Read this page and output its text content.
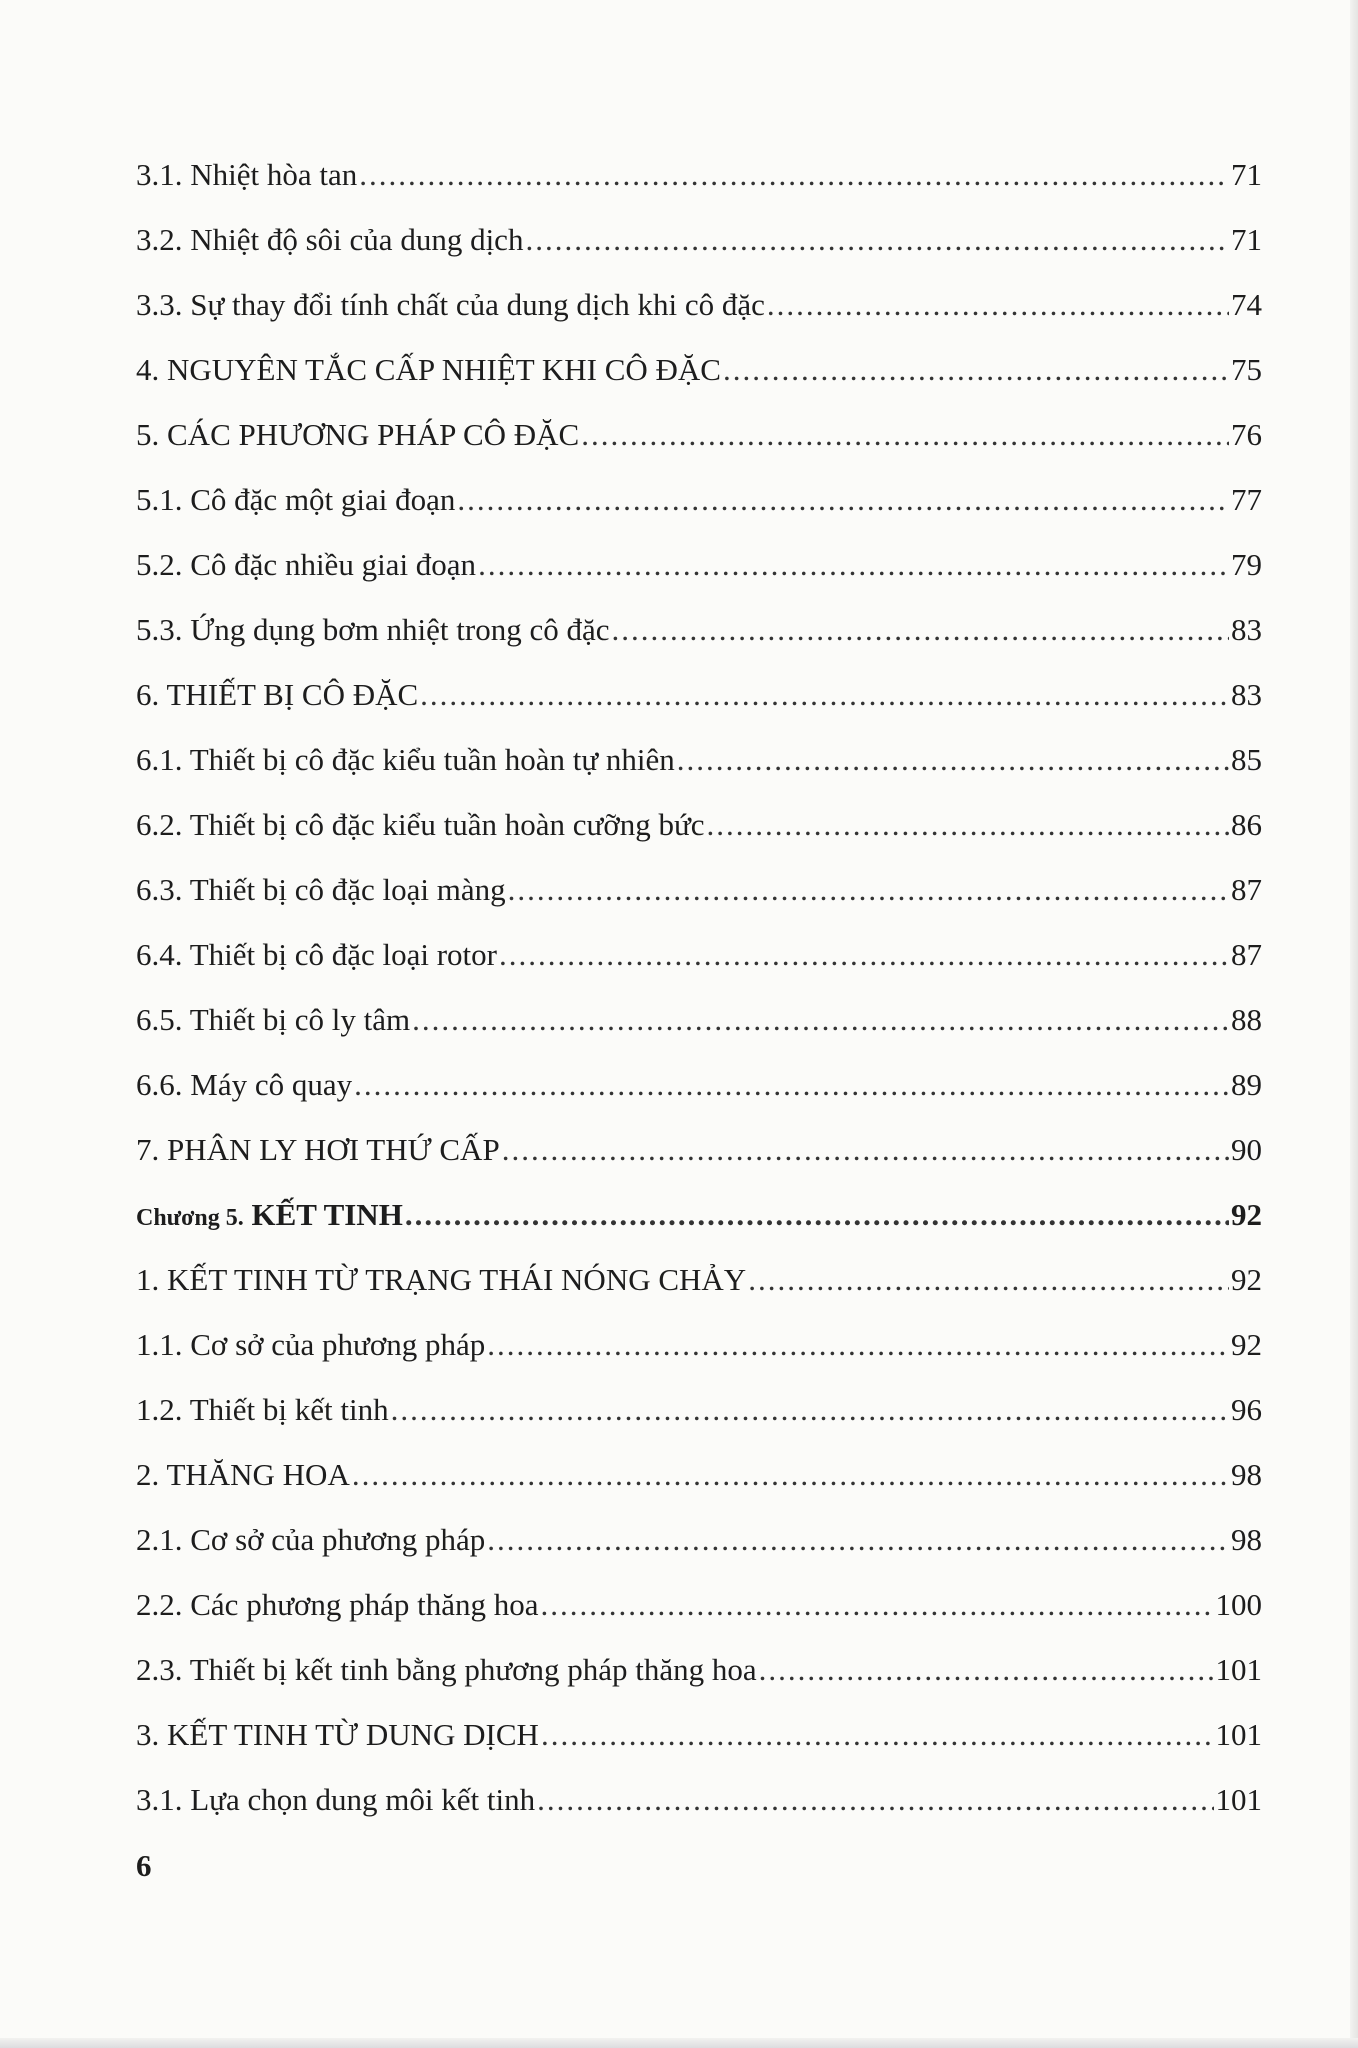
3.1. Nhiệt hòa tan .....	71
3.2. Nhiệt độ sôi của dung dịch .....	71
3.3. Sự thay đổi tính chất của dung dịch khi cô đặc .....	74
4. NGUYÊN TẮC CẤP NHIỆT KHI CÔ ĐẶC .....	75
5. CÁC PHƯƠNG PHÁP CÔ ĐẶC .....	76
5.1. Cô đặc một giai đoạn .....	77
5.2. Cô đặc nhiều giai đoạn .....	79
5.3. Ứng dụng bơm nhiệt trong cô đặc .....	83
6. THIẾT BỊ CÔ ĐẶC .....	83
6.1. Thiết bị cô đặc kiểu tuần hoàn tự nhiên .....	85
6.2. Thiết bị cô đặc kiểu tuần hoàn cưỡng bức .....	86
6.3. Thiết bị cô đặc loại màng .....	87
6.4. Thiết bị cô đặc loại rotor .....	87
6.5. Thiết bị cô ly tâm .....	88
6.6. Máy cô quay .....	89
7. PHÂN LY HƠI THỨ CẤP .....	90
Chương 5. KẾT TINH .....	92
1. KẾT TINH TỪ TRẠNG THÁI NÓNG CHẢY .....	92
1.1. Cơ sở của phương pháp .....	92
1.2. Thiết bị kết tinh .....	96
2. THĂNG HOA .....	98
2.1. Cơ sở của phương pháp .....	98
2.2. Các phương pháp thăng hoa .....	100
2.3. Thiết bị kết tinh bằng phương pháp thăng hoa .....	101
3. KẾT TINH TỪ DUNG DỊCH .....	101
3.1. Lựa chọn dung môi kết tinh .....	101
6
